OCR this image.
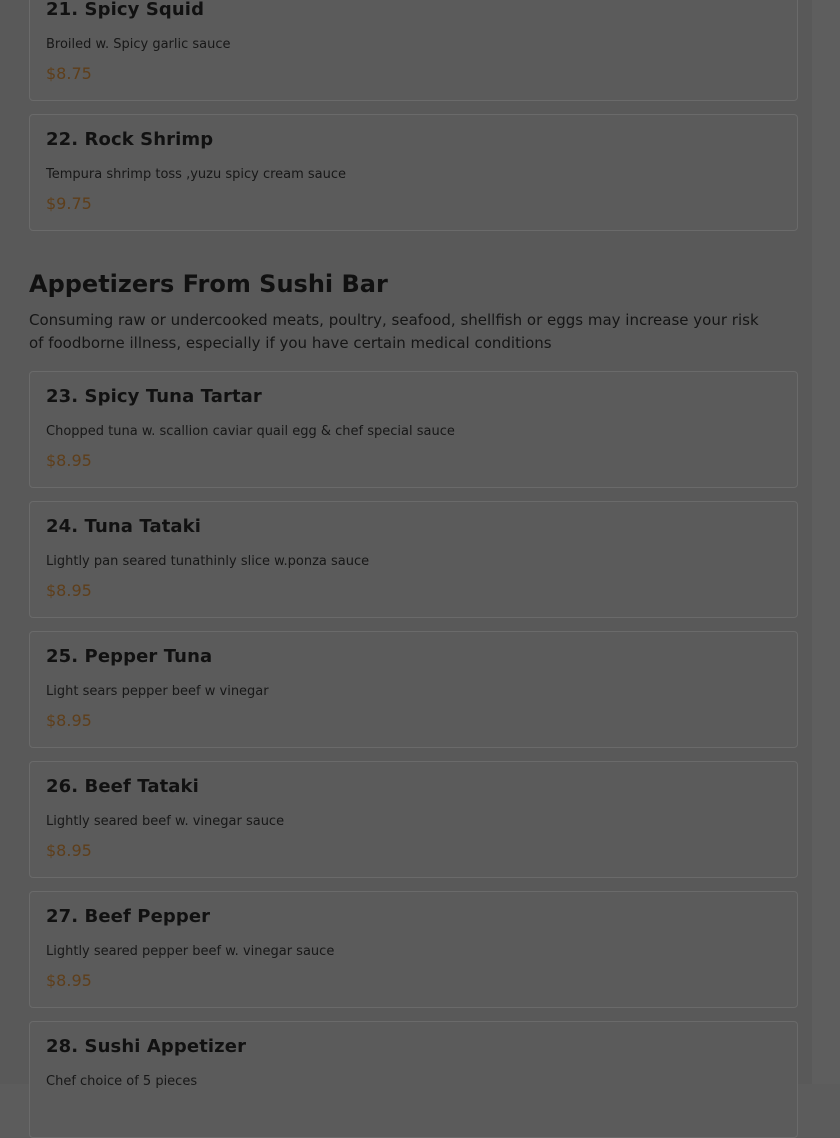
21. Spicy Squid

Broiled w. Spicy garlic sauce

$8.75

22. Rock Shrimp

Tempura shrimp toss ,yuzu spicy cream sauce

$9.75

Appetizers From Sushi Bar

Consuming raw or undercooked meats, poultry, seafood, shellfish or eggs may increase your risk of foodborne illness, especially if you have certain medical conditions

23. Spicy Tuna Tartar

Chopped tuna w. scallion caviar quail egg & chef special sauce

$8.95

24. Tuna Tataki

Lightly pan seared tunathinly slice w.ponza sauce

$8.95

25. Pepper Tuna

Light sears pepper beef w vinegar

$8.95

26. Beef Tataki

Lightly seared beef w. vinegar sauce

$8.95

27. Beef Pepper

Lightly seared pepper beef w. vinegar sauce

$8.95

28. Sushi Appetizer

Chef choice of 5 pieces
